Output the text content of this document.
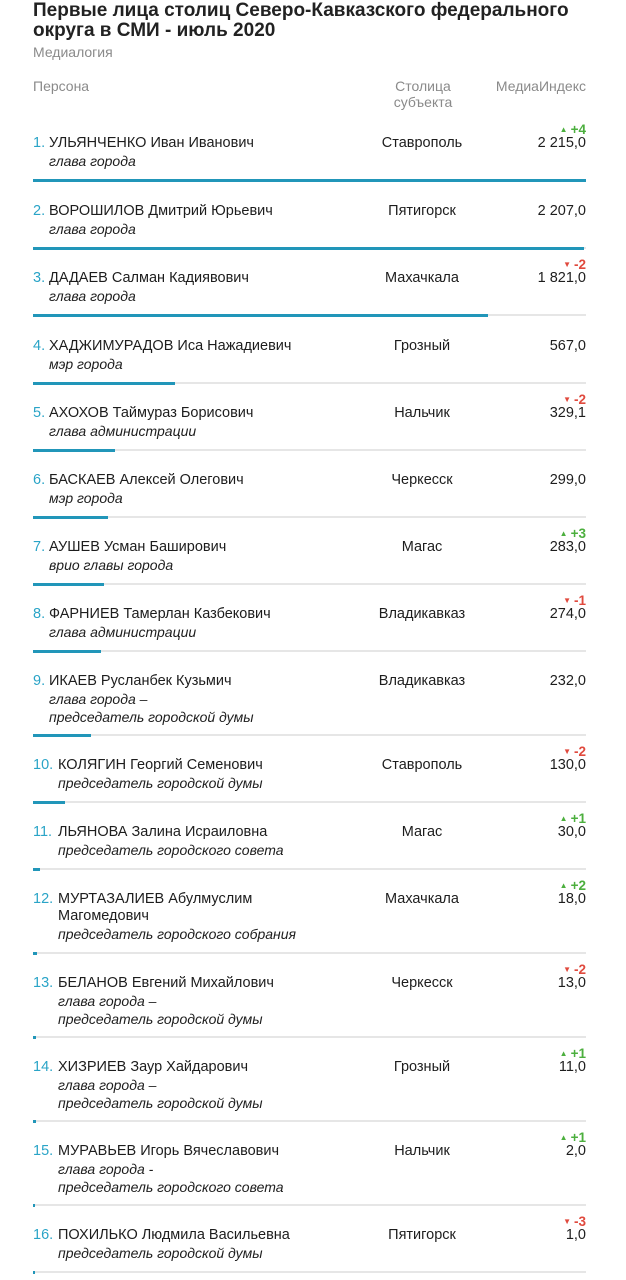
Первые лица столиц Северо-Кавказского федерального округа в СМИ - июль 2020
Медиалогия
Персона	Столица субъекта
МедиаИндекс
1. УЛЬЯНЧЕНКО Иван Иванович
глава города
Ставрополь	2 215,0
▲ +4
2. ВОРОШИЛОВ Дмитрий Юрьевич
глава города
Пятигорск	2 207,0
3. ДАДАЕВ Салман Кадиявович
глава города
Махачкала	1 821,0
▼ -2
4. ХАДЖИМУРАДОВ Иса Нажадиевич
мэр города
Грозный	567,0
5. АХОХОВ Таймураз Борисович
глава администрации
Нальчик	329,1
▼ -2
6. БАСКАЕВ Алексей Олегович
мэр города
Черкесск	299,0
7. АУШЕВ Усман Баширович
врио главы города
Магас	283,0
▲ +3
8. ФАРНИЕВ Тамерлан Казбекович
глава администрации
Владикавказ	274,0
▼ -1
9. ИКАЕВ Русланбек Кузьмич
глава города –
председатель городской думы
Владикавказ	232,0
10. КОЛЯГИН Георгий Семенович
председатель городской думы
Ставрополь	130,0
▼ -2
11. ЛЬЯНОВА Залина Исраиловна
председатель городского совета
Магас	30,0
▲ +1
12. МУРТАЗАЛИЕВ Абулмуслим Магомедович
председатель городского собрания
Махачкала	18,0
▲ +2
13. БЕЛАНОВ Евгений Михайлович
глава города –
председатель городской думы
Черкесск	13,0
▼ -2
14. ХИЗРИЕВ Заур Хайдарович
глава города –
председатель городской думы
Грозный	11,0
▲ +1
15. МУРАВЬЕВ Игорь Вячеславович
глава города -
председатель городского совета
Нальчик	2,0
▲ +1
16. ПОХИЛЬКО Людмила Васильевна
председатель городской думы
Пятигорск	1,0
▼ -3
